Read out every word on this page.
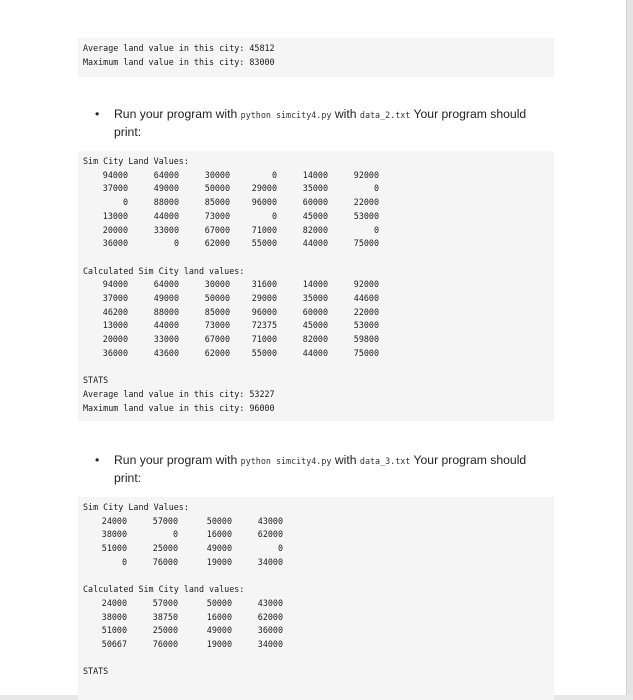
Average land value in this city: 45812
Maximum land value in this city: 83000
• Run your program with python simcity4.py with data_2.txt Your program should print:
Sim City Land Values:
94000	64000	30000	0	14000	92000
37000	49000	50000	29000	35000	0
0	88000	85000	96000	60000	22000
13000	44000	73000	0	45000	53000
20000	33000	67000	71000	82000	0
36000	0	62000	55000	44000	75000
Calculated Sim City land values:
94000	64000	30000	31600	14000	92000
37000	49000	50000	29000	35000	44600
46200	88000	85000	96000	60000	22000
13000	44000	73000	72375	45000	53000
20000	33000	67000	71000	82000	59800
36000	43600	62000	55000	44000	75000
STATS
Average land value in this city: 53227
Maximum land value in this city: 96000
• Run your program with python simcity4.py with data_3.txt Your program should print:
Sim City Land Values:
24000	57000	50000	43000
38000	0	16000	62000
51000	25000	49000	0
0	76000	19000	34000
Calculated Sim City land values:
24000	57000	50000	43000
38000	38750	16000	62000
51000	25000	49000	36000
50667	76000	19000	34000
STATS
